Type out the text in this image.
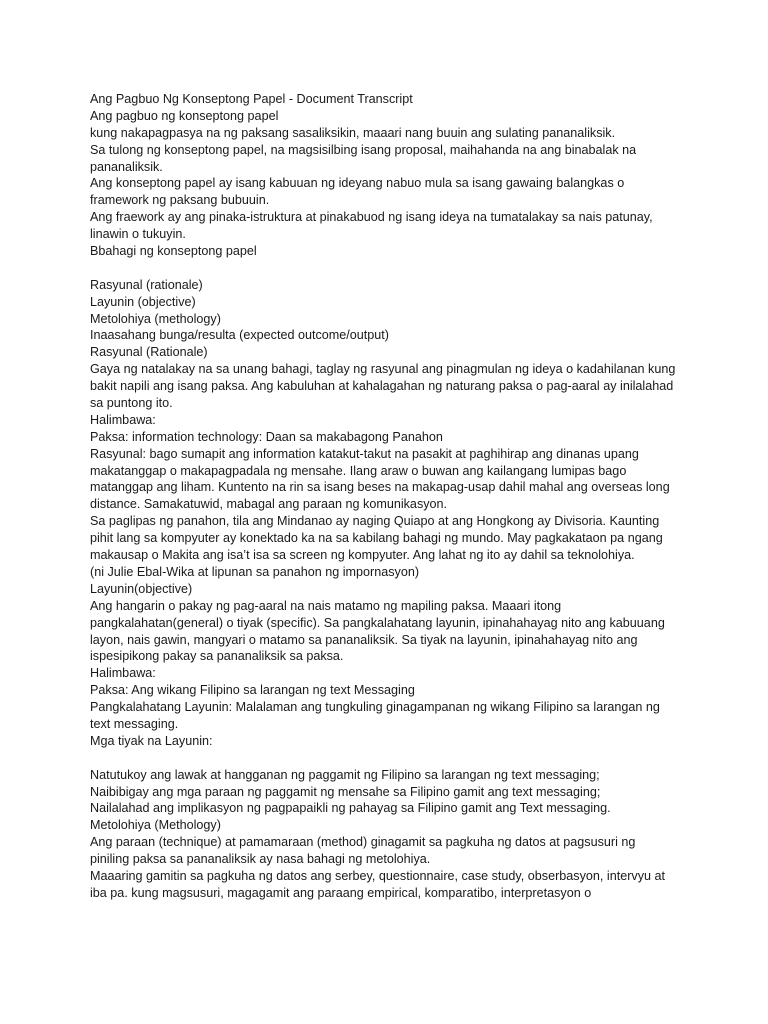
Ang Pagbuo Ng Konseptong Papel - Document Transcript
Ang pagbuo ng konseptong papel
kung nakapagpasya na ng paksang sasaliksikin, maaari nang buuin ang sulating pananaliksik.
Sa tulong ng konseptong papel, na magsisilbing isang proposal, maihahanda na ang binabalak na
pananaliksik.
Ang konseptong papel ay isang kabuuan ng ideyang nabuo mula sa isang gawaing balangkas o
framework ng paksang bubuuin.
Ang fraework ay ang pinaka-istruktura at pinakabuod ng isang ideya na tumatalakay sa nais patunay,
linawin o tukuyin.
Bbahagi ng konseptong papel
Rasyunal (rationale)
Layunin (objective)
Metolohiya (methology)
Inaasahang bunga/resulta (expected outcome/output)
Rasyunal (Rationale)
Gaya ng natalakay na sa unang bahagi, taglay ng rasyunal ang pinagmulan ng ideya o kadahilanan kung
bakit napili ang isang paksa. Ang kabuluhan at kahalagahan ng naturang paksa o pag-aaral ay inilalahad
sa puntong ito.
Halimbawa:
Paksa: information technology: Daan sa makabagong Panahon
Rasyunal: bago sumapit ang information katakut-takut na pasakit at paghihirap ang dinanas upang
makatanggap o makapagpadala ng mensahe. Ilang araw o buwan ang kailangang lumipas bago
matanggap ang liham. Kuntento na rin sa isang beses na makapag-usap dahil mahal ang overseas long
distance. Samakatuwid, mabagal ang paraan ng komunikasyon.
Sa paglipas ng panahon, tila ang Mindanao ay naging Quiapo at ang Hongkong ay Divisoria. Kaunting
pihit lang sa kompyuter ay konektado ka na sa kabilang bahagi ng mundo. May pagkakataon pa ngang
makausap o Makita ang isa’t isa sa screen ng kompyuter. Ang lahat ng ito ay dahil sa teknolohiya.
(ni Julie Ebal-Wika at lipunan sa panahon ng impornasyon)
Layunin(objective)
Ang hangarin o pakay ng pag-aaral na nais matamo ng mapiling paksa. Maaari itong
pangkalahatan(general) o tiyak (specific). Sa pangkalahatang layunin, ipinahahayag nito ang kabuuang
layon, nais gawin, mangyari o matamo sa pananaliksik. Sa tiyak na layunin, ipinahahayag nito ang
ispesipikong pakay sa pananaliksik sa paksa.
Halimbawa:
Paksa: Ang wikang Filipino sa larangan ng text Messaging
Pangkalahatang Layunin: Malalaman ang tungkuling ginagampanan ng wikang Filipino sa larangan ng
text messaging.
Mga tiyak na Layunin:
Natutukoy ang lawak at hangganan ng paggamit ng Filipino sa larangan ng text messaging;
Naibibigay ang mga paraan ng paggamit ng mensahe sa Filipino gamit ang text messaging;
Nailalahad ang implikasyon ng pagpapaikli ng pahayag sa Filipino gamit ang Text messaging.
Metolohiya (Methology)
Ang paraan (technique) at pamamaraan (method) ginagamit sa pagkuha ng datos at pagsusuri ng
piniling paksa sa pananaliksik ay nasa bahagi ng metolohiya.
Maaaring gamitin sa pagkuha ng datos ang serbey, questionnaire, case study, obserbasyon, intervyu at
iba pa. kung magsusuri, magagamit ang paraang empirical, komparatibo, interpretasyon o
